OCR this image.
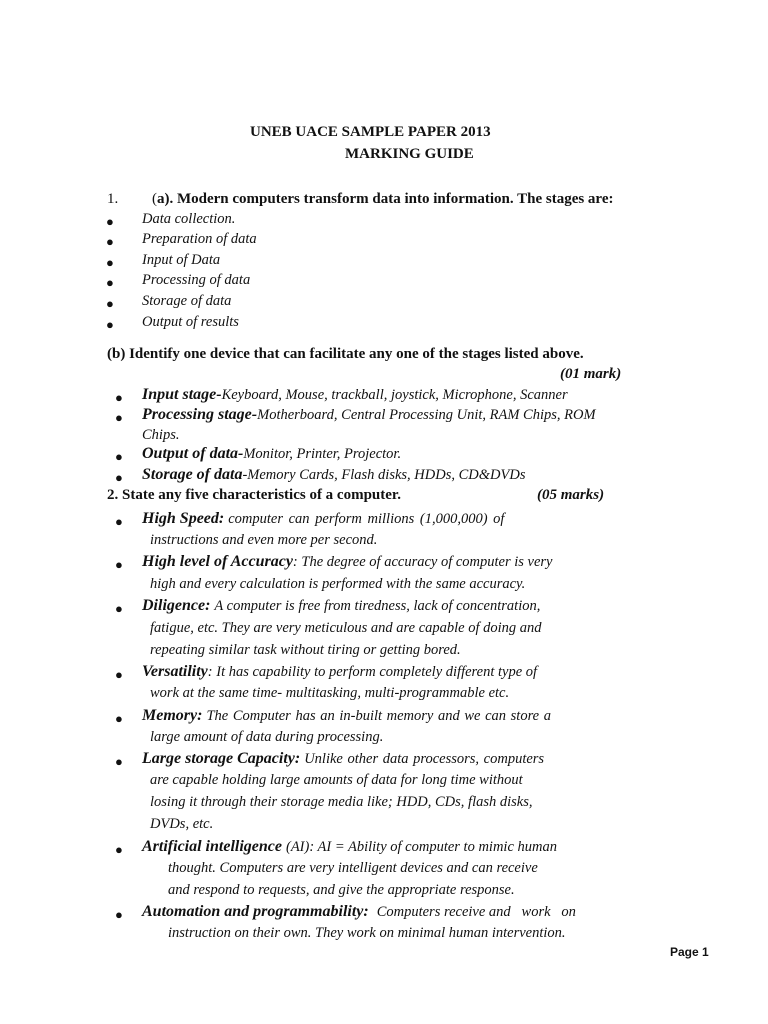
UNEB UACE SAMPLE PAPER 2013
MARKING GUIDE
1. (a). Modern computers transform data into information. The stages are:
● Data collection.
● Preparation of data
● Input of Data
● Processing of data
● Storage of data
● Output of results
(b) Identify one device that can facilitate any one of the stages listed above.
(01 mark)
● Input stage-Keyboard, Mouse, trackball, joystick, Microphone, Scanner
● Processing stage-Motherboard, Central Processing Unit, RAM Chips, ROM
Chips.
● Output of data-Monitor, Printer, Projector.
● Storage of data-Memory Cards, Flash disks, HDDs, CD&DVDs
2. State any five characteristics of a computer.	(05 marks)
● High Speed: computer can perform millions (1,000,000) of
instructions and even more per second.
● High level of Accuracy: The degree of accuracy of computer is very
high and every calculation is performed with the same accuracy.
● Diligence: A computer is free from tiredness, lack of concentration,
fatigue, etc. They are very meticulous and are capable of doing and
repeating similar task without tiring or getting bored.
● Versatility: It has capability to perform completely different type of
work at the same time- multitasking, multi-programmable etc.
● Memory: The Computer has an in-built memory and we can store a
large amount of data during processing.
● Large storage Capacity: Unlike other data processors, computers
are capable holding large amounts of data for long time without
losing it through their storage media like; HDD, CDs, flash disks,
DVDs, etc.
● Artificial intelligence (AI): AI = Ability of computer to mimic human
thought. Computers are very intelligent devices and can receive
and respond to requests, and give the appropriate response.
● Automation and programmability: Computers receive and   work   on
instruction on their own. They work on minimal human intervention.
Page 1
